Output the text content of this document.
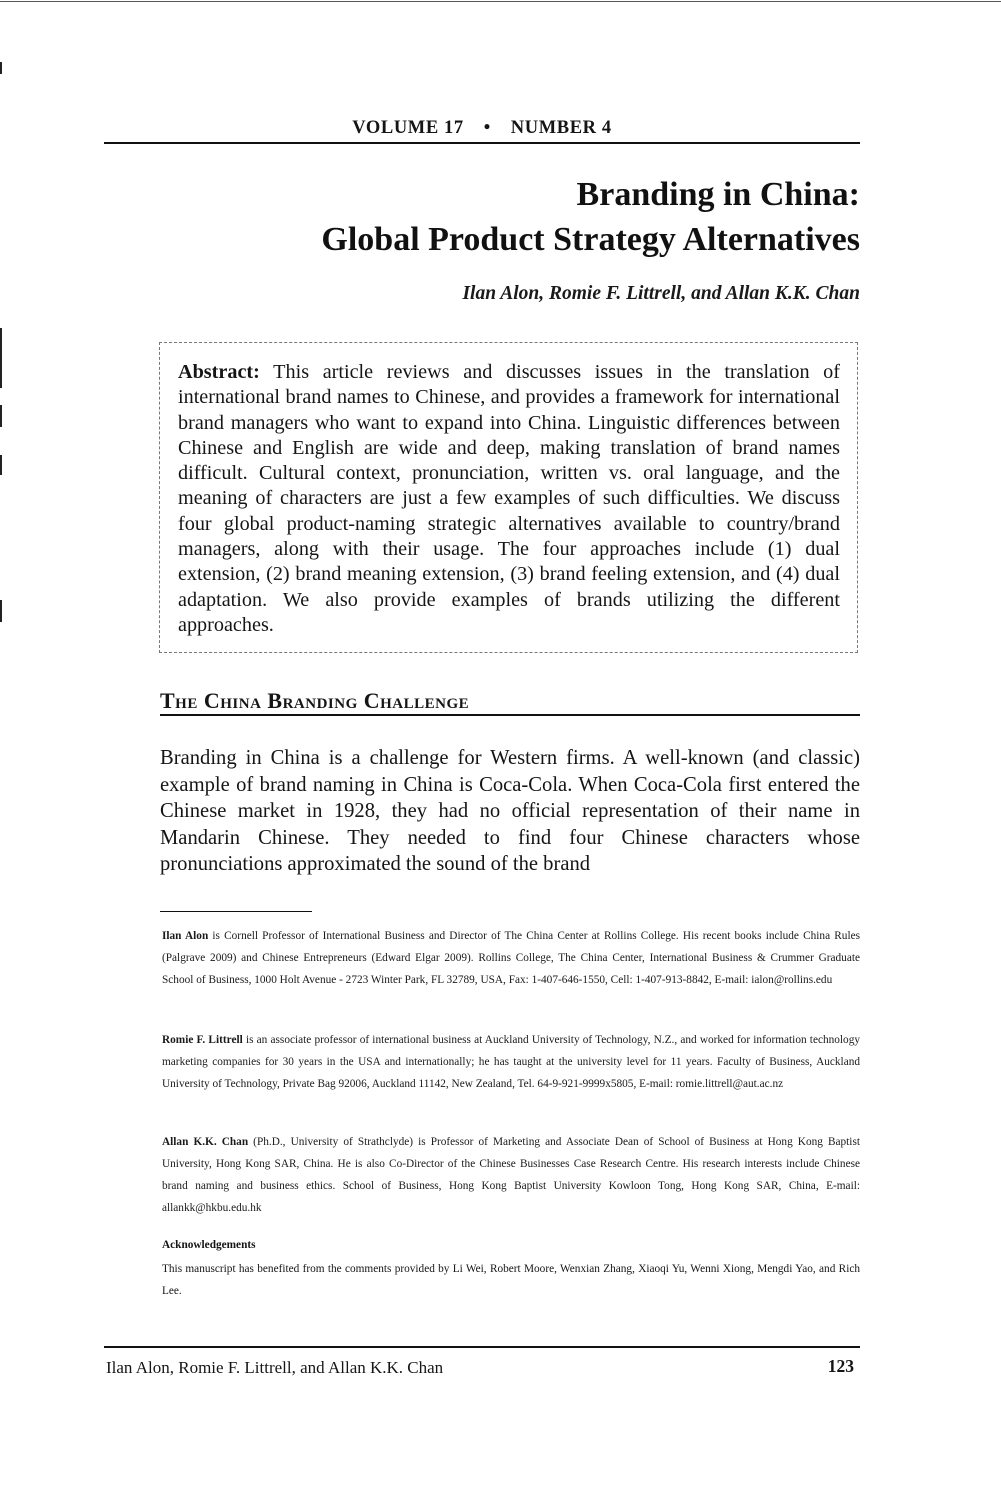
VOLUME 17 • NUMBER 4
Branding in China:
Global Product Strategy Alternatives
Ilan Alon, Romie F. Littrell, and Allan K.K. Chan
Abstract: This article reviews and discusses issues in the translation of international brand names to Chinese, and provides a framework for international brand managers who want to expand into China. Linguistic differences between Chinese and English are wide and deep, making translation of brand names difficult. Cultural context, pronunciation, written vs. oral language, and the meaning of characters are just a few examples of such difficulties. We discuss four global product-naming strategic alternatives available to country/brand managers, along with their usage. The four approaches include (1) dual extension, (2) brand meaning extension, (3) brand feeling extension, and (4) dual adaptation. We also provide examples of brands utilizing the different approaches.
The China Branding Challenge
Branding in China is a challenge for Western firms. A well-known (and classic) example of brand naming in China is Coca-Cola. When Coca-Cola first entered the Chinese market in 1928, they had no official representation of their name in Mandarin Chinese. They needed to find four Chinese characters whose pronunciations approximated the sound of the brand
Ilan Alon is Cornell Professor of International Business and Director of The China Center at Rollins College. His recent books include China Rules (Palgrave 2009) and Chinese Entrepreneurs (Edward Elgar 2009). Rollins College, The China Center, International Business & Crummer Graduate School of Business, 1000 Holt Avenue - 2723 Winter Park, FL 32789, USA, Fax: 1-407-646-1550, Cell: 1-407-913-8842, E-mail: ialon@rollins.edu
Romie F. Littrell is an associate professor of international business at Auckland University of Technology, N.Z., and worked for information technology marketing companies for 30 years in the USA and internationally; he has taught at the university level for 11 years. Faculty of Business, Auckland University of Technology, Private Bag 92006, Auckland 11142, New Zealand, Tel. 64-9-921-9999x5805, E-mail: romie.littrell@aut.ac.nz
Allan K.K. Chan (Ph.D., University of Strathclyde) is Professor of Marketing and Associate Dean of School of Business at Hong Kong Baptist University, Hong Kong SAR, China. He is also Co-Director of the Chinese Businesses Case Research Centre. His research interests include Chinese brand naming and business ethics. School of Business, Hong Kong Baptist University Kowloon Tong, Hong Kong SAR, China, E-mail: allankk@hkbu.edu.hk
Acknowledgements
This manuscript has benefited from the comments provided by Li Wei, Robert Moore, Wenxian Zhang, Xiaoqi Yu, Wenni Xiong, Mengdi Yao, and Rich Lee.
Ilan Alon, Romie F. Littrell, and Allan K.K. Chan	123
